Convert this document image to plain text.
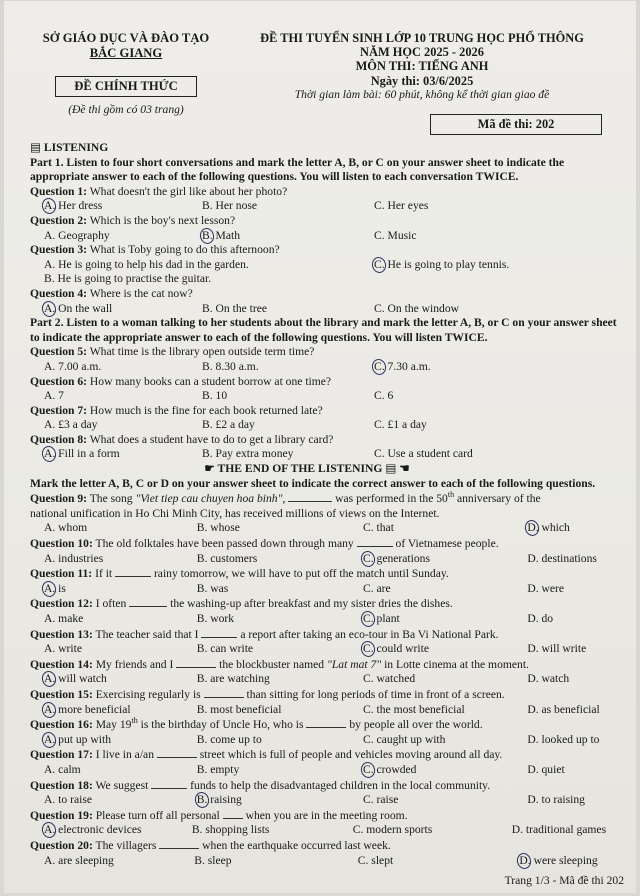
SỞ GIÁO DỤC VÀ ĐÀO TẠO
BẮC GIANG
ĐỀ CHÍNH THỨC
(Đề thi gồm có 03 trang)
ĐỀ THI TUYỂN SINH LỚP 10 TRUNG HỌC PHỔ THÔNG
NĂM HỌC 2025 - 2026
MÔN THI: TIẾNG ANH
Ngày thi: 03/6/2025
Thời gian làm bài: 60 phút, không kể thời gian giao đề
Mã đề thi: 202
▤ LISTENING
Part 1. Listen to four short conversations and mark the letter A, B, or C on your answer sheet to indicate the appropriate answer to each of the following questions. You will listen to each conversation TWICE.
Question 1: What doesn't the girl like about her photo?
A. Her dress	B. Her nose	C. Her eyes
Question 2: Which is the boy's next lesson?
A. Geography	B. Math	C. Music
Question 3: What is Toby going to do this afternoon?
A. He is going to help his dad in the garden.	C. He is going to play tennis.
B. He is going to practise the guitar.
Question 4: Where is the cat now?
A. On the wall	B. On the tree	C. On the window
Part 2. Listen to a woman talking to her students about the library and mark the letter A, B, or C on your answer sheet to indicate the appropriate answer to each of the following questions. You will listen TWICE.
Question 5: What time is the library open outside term time?
A. 7.00 a.m.	B. 8.30 a.m.	C. 7.30 a.m.
Question 6: How many books can a student borrow at one time?
A. 7	B. 10	C. 6
Question 7: How much is the fine for each book returned late?
A. £3 a day	B. £2 a day	C. £1 a day
Question 8: What does a student have to do to get a library card?
A. Fill in a form	B. Pay extra money	C. Use a student card
☛ THE END OF THE LISTENING ▤ ☚
Mark the letter A, B, C or D on your answer sheet to indicate the correct answer to each of the following questions.
Question 9: The song "Viet tiep cau chuyen hoa binh",	was performed in the 50th anniversary of the
national unification in Ho Chi Minh City, has received millions of views on the Internet.
A. whom	B. whose	C. that	D. which
Question 10: The old folktales have been passed down through many	of Vietnamese people.
A. industries	B. customers	C. generations	D. destinations
Question 11: If it	rainy tomorrow, we will have to put off the match until Sunday.
A. is	B. was	C. are	D. were
Question 12: I often	the washing-up after breakfast and my sister dries the dishes.
A. make	B. work	C. plant	D. do
Question 13: The teacher said that I	a report after taking an eco-tour in Ba Vi National Park.
A. write	B. can write	C. could write	D. will write
Question 14: My friends and I	the blockbuster named "Lat mat 7" in Lotte cinema at the moment.
A. will watch	B. are watching	C. watched	D. watch
Question 15: Exercising regularly is	than sitting for long periods of time in front of a screen.
A. more beneficial	B. most beneficial	C. the most beneficial	D. as beneficial
Question 16: May 19th is the birthday of Uncle Ho, who is	by people all over the world.
A. put up with	B. come up to	C. caught up with	D. looked up to
Question 17: I live in a/an	street which is full of people and vehicles moving around all day.
A. calm	B. empty	C. crowded	D. quiet
Question 18: We suggest	funds to help the disadvantaged children in the local community.
A. to raise	B. raising	C. raise	D. to raising
Question 19: Please turn off all personal  when you are in the meeting room.
A. electronic devices	B. shopping lists	C. modern sports	D. traditional games
Question 20: The villagers	when the earthquake occurred last week.
A. are sleeping	B. sleep	C. slept	D. were sleeping
Trang 1/3 - Mã đề thi 202
